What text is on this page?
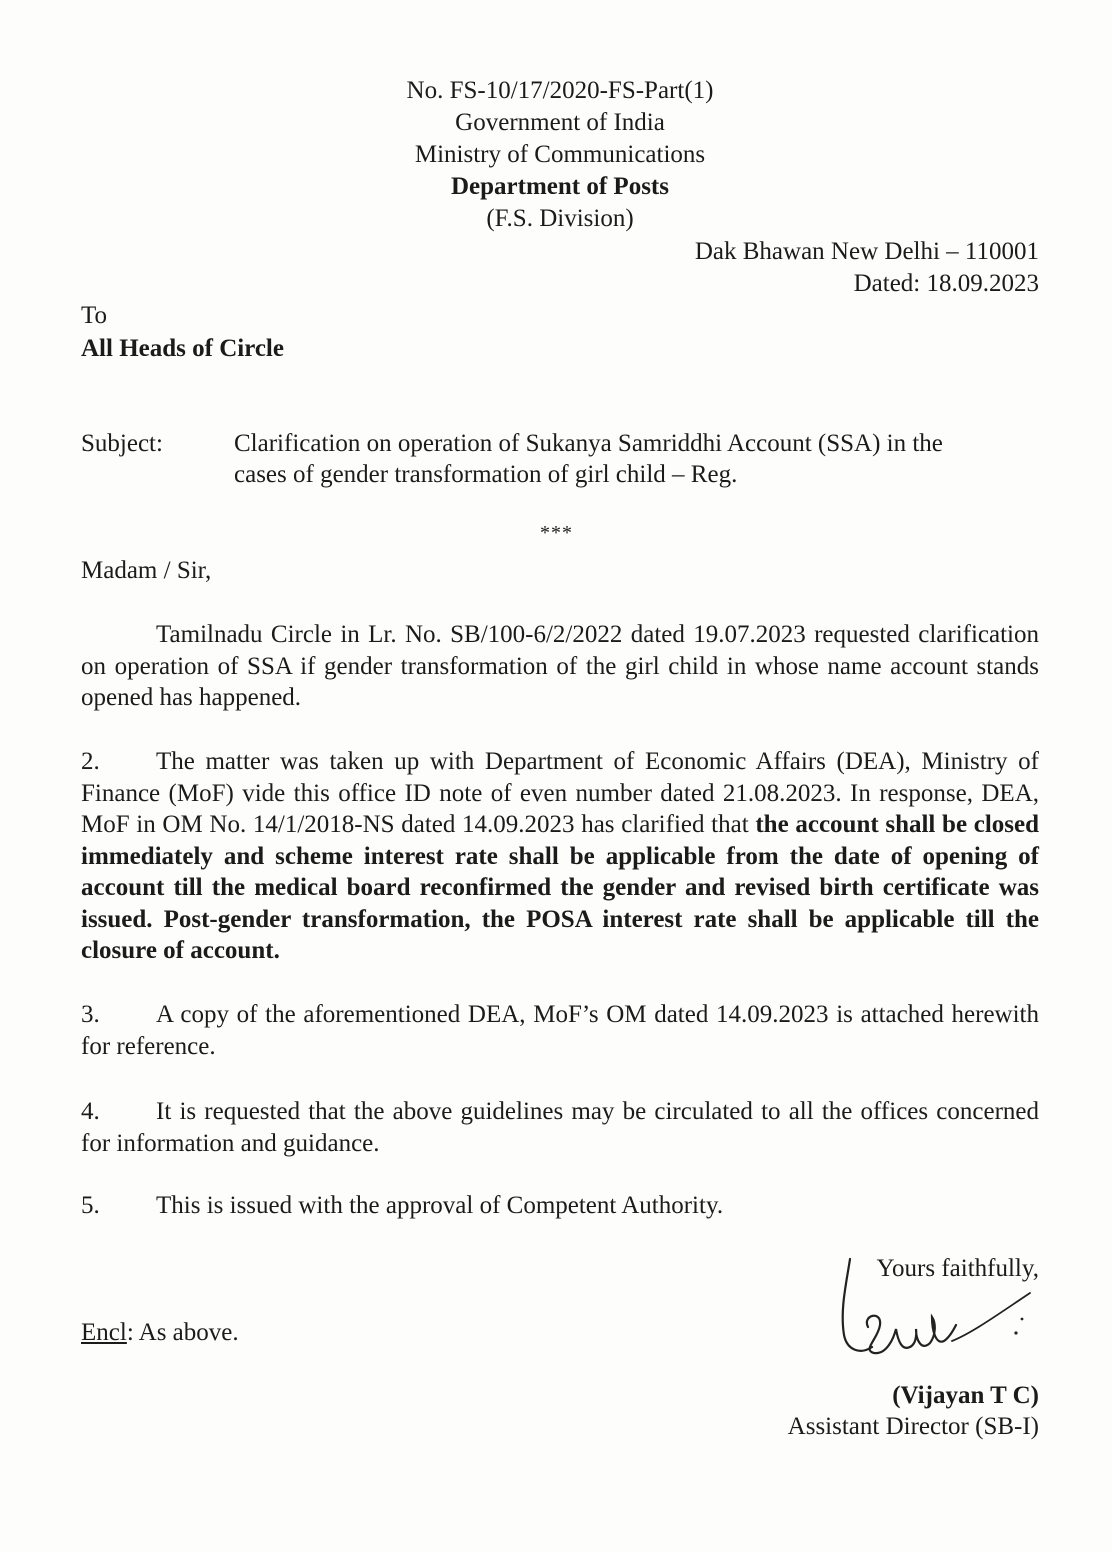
No. FS-10/17/2020-FS-Part(1)
Government of India
Ministry of Communications
Department of Posts
(F.S. Division)
Dak Bhawan New Delhi – 110001
Dated: 18.09.2023
To
All Heads of Circle
Subject:	Clarification on operation of Sukanya Samriddhi Account (SSA) in the
cases of gender transformation of girl child – Reg.
***
Madam / Sir,
Tamilnadu Circle in Lr. No. SB/100-6/2/2022 dated 19.07.2023 requested clarification on operation of SSA if gender transformation of the girl child in whose name account stands opened has happened.
2. The matter was taken up with Department of Economic Affairs (DEA), Ministry of Finance (MoF) vide this office ID note of even number dated 21.08.2023. In response, DEA, MoF in OM No. 14/1/2018-NS dated 14.09.2023 has clarified that the account shall be closed immediately and scheme interest rate shall be applicable from the date of opening of account till the medical board reconfirmed the gender and revised birth certificate was issued. Post-gender transformation, the POSA interest rate shall be applicable till the closure of account.
3. A copy of the aforementioned DEA, MoF’s OM dated 14.09.2023 is attached herewith for reference.
4. It is requested that the above guidelines may be circulated to all the offices concerned for information and guidance.
5. This is issued with the approval of Competent Authority.
Yours faithfully,
Encl: As above.
(Vijayan T C)
Assistant Director (SB-I)
